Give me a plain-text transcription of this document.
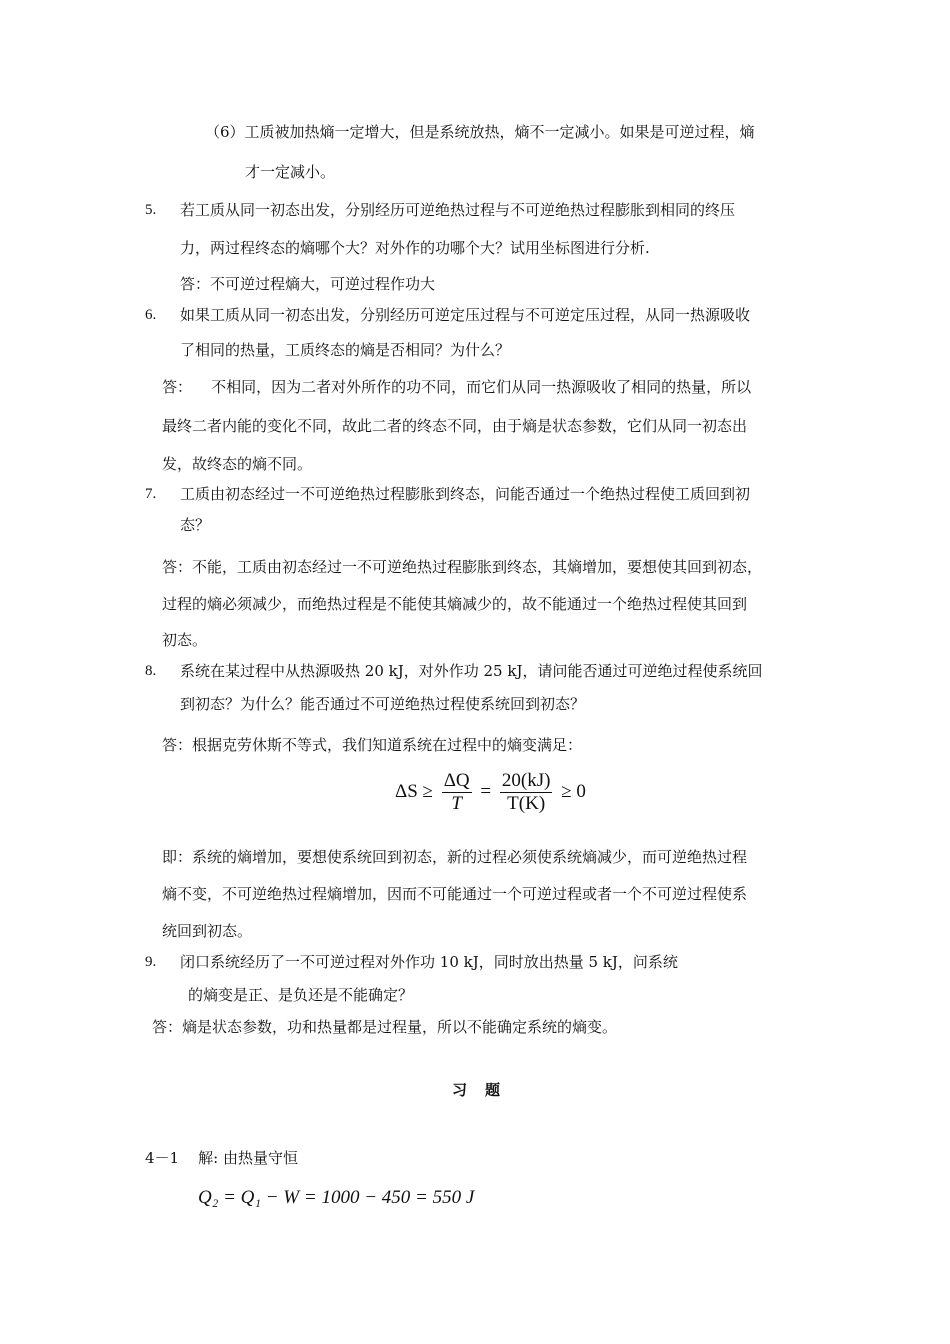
（6）工质被加热熵一定增大，但是系统放热，熵不一定减小。如果是可逆过程，熵
才一定减小。
5. 若工质从同一初态出发，分别经历可逆绝热过程与不可逆绝热过程膨胀到相同的终压
力，两过程终态的熵哪个大？对外作的功哪个大？试用坐标图进行分析.
答：不可逆过程熵大，可逆过程作功大
6. 如果工质从同一初态出发，分别经历可逆定压过程与不可逆定压过程，从同一热源吸收
了相同的热量，工质终态的熵是否相同？为什么？
答：    不相同，因为二者对外所作的功不同，而它们从同一热源吸收了相同的热量，所以
最终二者内能的变化不同，故此二者的终态不同，由于熵是状态参数，它们从同一初态出
发，故终态的熵不同。
7. 工质由初态经过一不可逆绝热过程膨胀到终态，问能否通过一个绝热过程使工质回到初
态？
答：不能，工质由初态经过一不可逆绝热过程膨胀到终态，其熵增加，要想使其回到初态，
过程的熵必须减少，而绝热过程是不能使其熵减少的，故不能通过一个绝热过程使其回到
初态。
8. 系统在某过程中从热源吸热 20 kJ，对外作功 25 kJ，请问能否通过可逆绝过程使系统回
到初态？为什么？能否通过不可逆绝热过程使系统回到初态？
答：根据克劳休斯不等式，我们知道系统在过程中的熵变满足：
$\Delta S \ge \frac{\Delta Q}{T} = \frac{20(kJ)}{T(K)} \ge 0$
即：系统的熵增加，要想使系统回到初态，新的过程必须使系统熵减少，而可逆绝热过程
熵不变，不可逆绝热过程熵增加，因而不可能通过一个可逆过程或者一个不可逆过程使系
统回到初态。
9. 闭口系统经历了一不可逆过程对外作功 10 kJ，同时放出热量 5 kJ，问系统
的熵变是正、是负还是不能确定？
答：熵是状态参数，功和热量都是过程量，所以不能确定系统的熵变。
习题
4－1    解: 由热量守恒
Q₂ = Q₁ − W = 1000 − 450 = 550 J
